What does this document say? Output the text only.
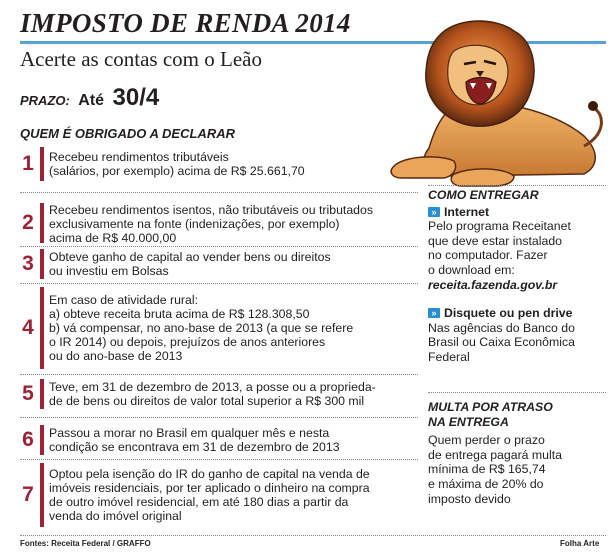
IMPOSTO DE RENDA 2014
Acerte as contas com o Leão
PRAZO: Até 30/4
QUEM É OBRIGADO A DECLARAR
1 Recebeu rendimentos tributáveis
(salários, por exemplo) acima de R$ 25.661,70
2
Recebeu rendimentos isentos, não tributáveis ou tributados
exclusivamente na fonte (indenizações, por exemplo)
acima de R$ 40.000,00
3 Obteve ganho de capital ao vender bens ou direitos
ou investiu em Bolsas
4
Em caso de atividade rural:
a) obteve receita bruta acima de R$ 128.308,50
b) vá compensar, no ano-base de 2013 (a que se refere
o IR 2014) ou depois, prejuízos de anos anteriores
ou do ano-base de 2013
5 Teve, em 31 de dezembro de 2013, a posse ou a proprieda-
de de bens ou direitos de valor total superior a R$ 300 mil
6 Passou a morar no Brasil em qualquer mês e nesta
condição se encontrava em 31 de dezembro de 2013
7
Optou pela isenção do IR do ganho de capital na venda de
imóveis residenciais, por ter aplicado o dinheiro na compra
de outro imóvel residencial, em até 180 dias a partir da
venda do imóvel original
COMO ENTREGAR
» Internet
Pelo programa Receitanet
que deve estar instalado
no computador. Fazer
o download em:
receita.fazenda.gov.br
» Disquete ou pen drive
Nas agências do Banco do
Brasil ou Caixa Econômica
Federal
MULTA POR ATRASO
NA ENTREGA
Quem perder o prazo
de entrega pagará multa
mínima de R$ 165,74
e máxima de 20% do
imposto devido
Fontes: Receita Federal / GRAFFO	Folha Arte
